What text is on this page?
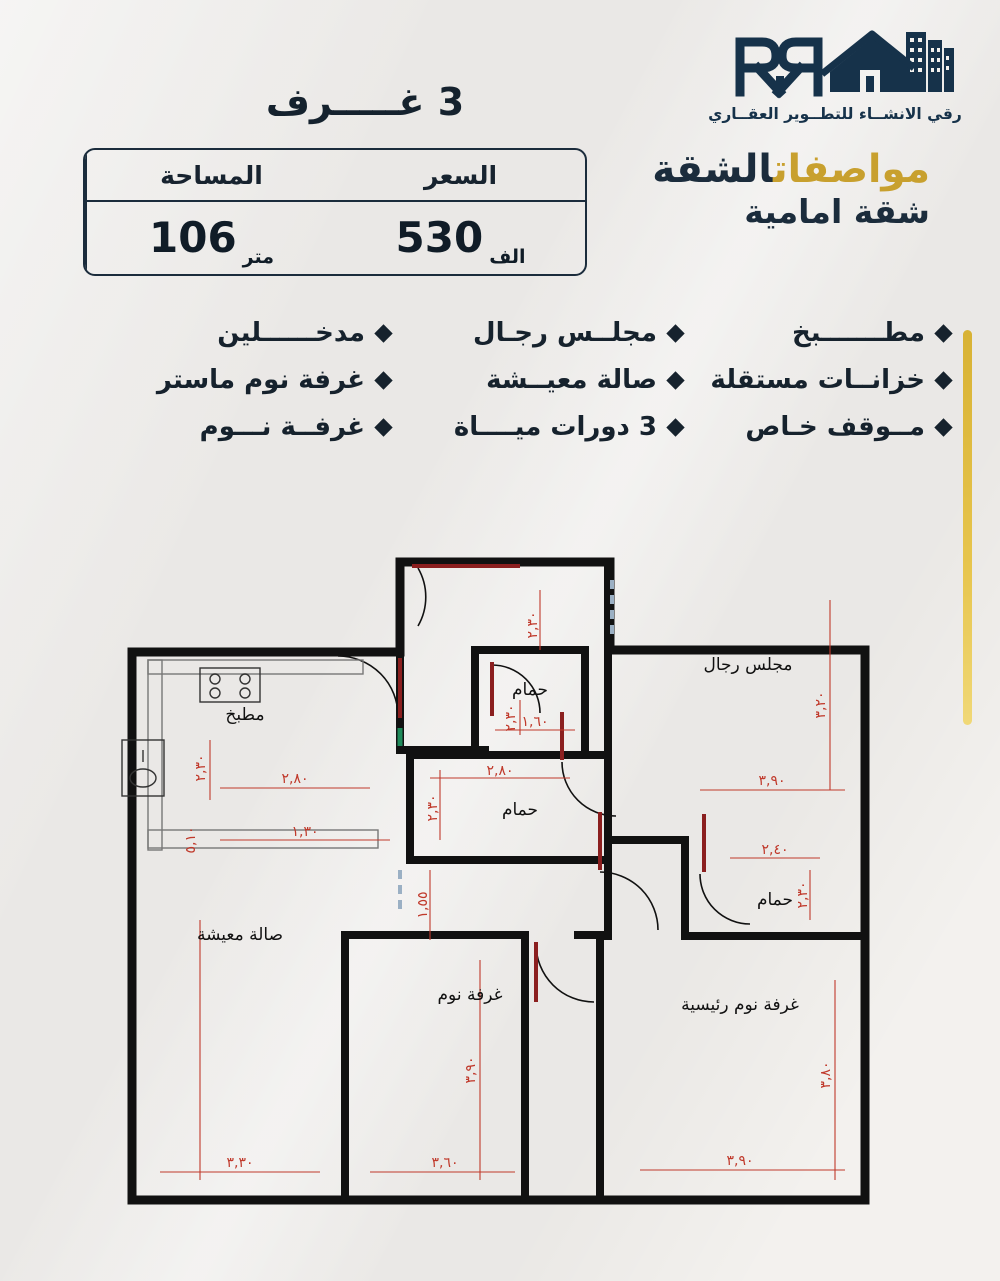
رقي الانشــاء للتطــوير العقــاري
مواصفاتالشقة
شقة امامية
3 غـــــرف
السعر
الف
530
المساحة
متر
106
مطـــــــبخ
خزانــات مستقلة
مــوقف خـاص
مجلــس رجـال
صالة معيــشة
3 دورات ميــــاة
مدخــــــلين
غرفة نوم ماستر
غرفــة نـــوم
٣,٩٠
٣,٦٠
٣,٣٠
٣,٩٠
٢,٨٠
٢,٨٠
١,٦٠
١,٣٠
٢,٤٠
٥,١٠
٣,٩٠	٣,٨٠
٣,٢٠
٢,٣٠
٢,٣٠
٢,٣٠
٢,٣٠
١,٥٥	٢,٣٠
مجلس رجال
مطبخ
حمام
حمام
حمام
صالة معيشة
غرفة نوم	غرفة نوم رئيسية
